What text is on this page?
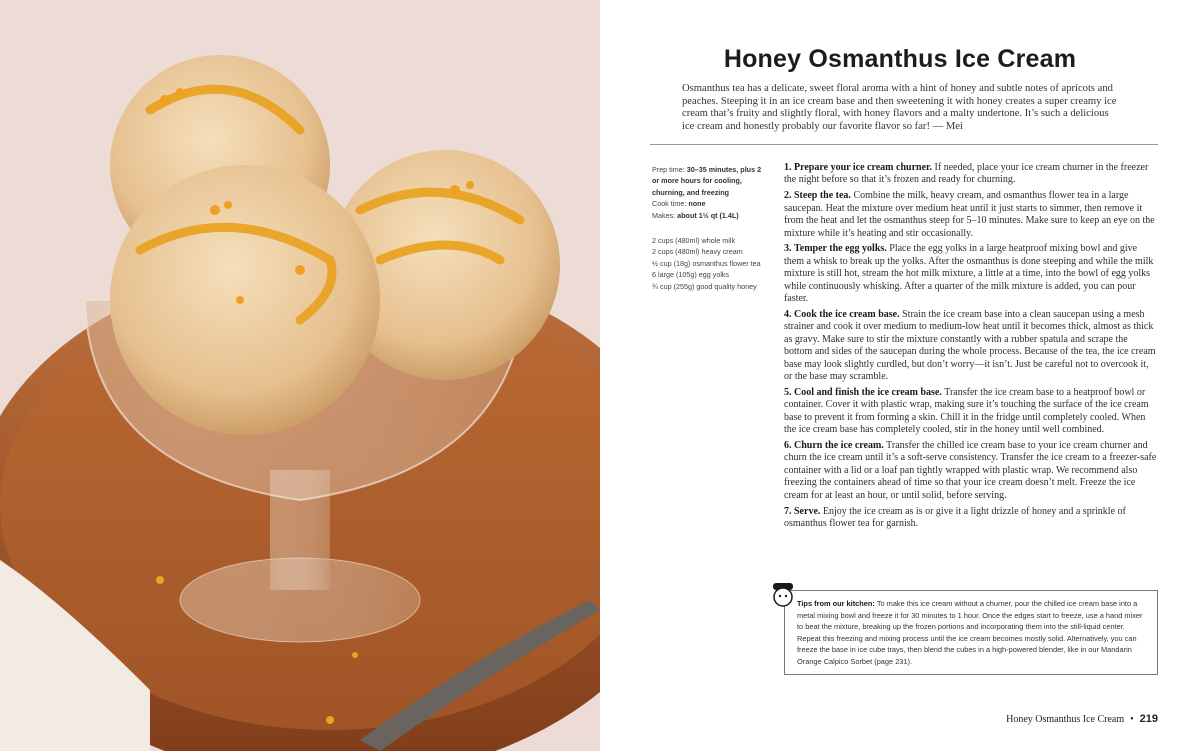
Honey Osmanthus Ice Cream

Osmanthus tea has a delicate, sweet floral aroma with a hint of honey and subtle notes of apricots and peaches. Steeping it in an ice cream base and then sweetening it with honey creates a super creamy ice cream that’s fruity and slightly floral, with honey flavors and a malty undertone. It’s such a delicious ice cream and honestly probably our favorite flavor so far! — Mei

Prep time: 30–35 minutes, plus 2 or more hours for cooling, churning, and freezing
Cook time: none
Makes: about 1½ qt (1.4L)
2 cups (480ml) whole milk
2 cups (480ml) heavy cream
½ cup (18g) osmanthus flower tea
6 large (105g) egg yolks
¾ cup (255g) good quality honey
1. Prepare your ice cream churner. If needed, place your ice cream churner in the freezer the night before so that it’s frozen and ready for churning.
2. Steep the tea. Combine the milk, heavy cream, and osmanthus flower tea in a large saucepan. Heat the mixture over medium heat until it just starts to simmer, then remove it from the heat and let the osmanthus steep for 5–10 minutes. Make sure to keep an eye on the mixture while it’s heating and stir occasionally.
3. Temper the egg yolks. Place the egg yolks in a large heatproof mixing bowl and give them a whisk to break up the yolks. After the osmanthus is done steeping and while the milk mixture is still hot, stream the hot milk mixture, a little at a time, into the bowl of egg yolks while continuously whisking. After a quarter of the milk mixture is added, you can pour faster.
4. Cook the ice cream base. Strain the ice cream base into a clean saucepan using a mesh strainer and cook it over medium to medium-low heat until it becomes thick, almost as thick as gravy. Make sure to stir the mixture constantly with a rubber spatula and scrape the bottom and sides of the saucepan during the whole process. Because of the tea, the ice cream base may look slightly curdled, but don’t worry—it isn’t. Just be careful not to overcook it, or the base may scramble.
5. Cool and finish the ice cream base. Transfer the ice cream base to a heatproof bowl or container. Cover it with plastic wrap, making sure it’s touching the surface of the ice cream base to prevent it from forming a skin. Chill it in the fridge until completely cooled. When the ice cream base has completely cooled, stir in the honey until well combined.
6. Churn the ice cream. Transfer the chilled ice cream base to your ice cream churner and churn the ice cream until it’s a soft-serve consistency. Transfer the ice cream to a freezer-safe container with a lid or a loaf pan tightly wrapped with plastic wrap. We recommend also freezing the containers ahead of time so that your ice cream doesn’t melt. Freeze the ice cream for at least an hour, or until solid, before serving.
7. Serve. Enjoy the ice cream as is or give it a light drizzle of honey and a sprinkle of osmanthus flower tea for garnish.
Tips from our kitchen: To make this ice cream without a churner, pour the chilled ice cream base into a metal mixing bowl and freeze it for 30 minutes to 1 hour. Once the edges start to freeze, use a hand mixer to beat the mixture, breaking up the frozen portions and incorporating them into the still-liquid center. Repeat this freezing and mixing process until the ice cream becomes mostly solid. Alternatively, you can freeze the base in ice cube trays, then blend the cubes in a high-powered blender, like in our Mandarin Orange Calpico Sorbet (page 231).
Honey Osmanthus Ice Cream • 219
